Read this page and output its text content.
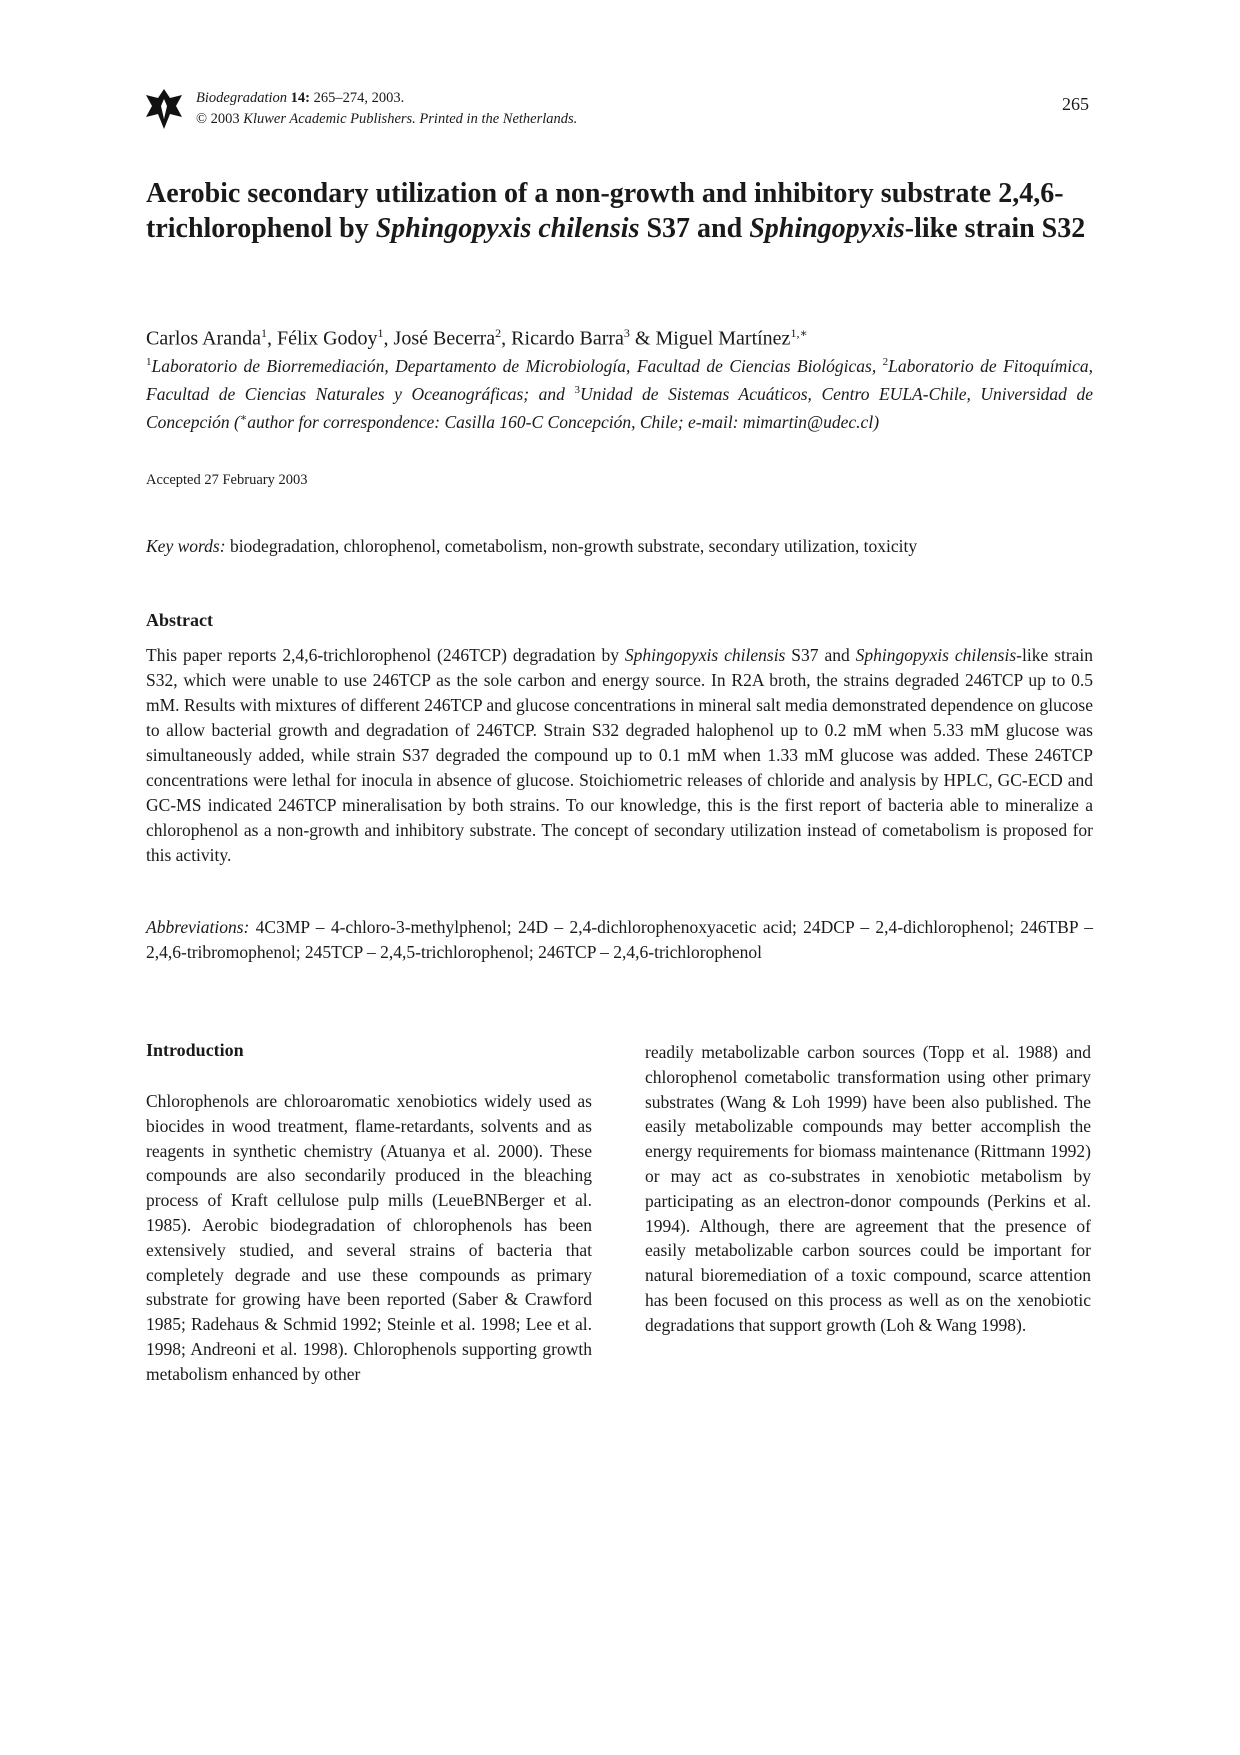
Biodegradation 14: 265–274, 2003.
© 2003 Kluwer Academic Publishers. Printed in the Netherlands.
265
Aerobic secondary utilization of a non-growth and inhibitory substrate 2,4,6-trichlorophenol by Sphingopyxis chilensis S37 and Sphingopyxis-like strain S32
Carlos Aranda$^1$, Félix Godoy$^1$, José Becerra$^2$, Ricardo Barra$^3$ & Miguel Martínez$^{1,∗}$
$^1$Laboratorio de Biorremediación, Departamento de Microbiología, Facultad de Ciencias Biológicas, $^2$Laboratorio de Fitoquímica, Facultad de Ciencias Naturales y Oceanográficas; and $^3$Unidad de Sistemas Acuáticos, Centro EULA-Chile, Universidad de Concepción (∗author for correspondence: Casilla 160-C Concepción, Chile; e-mail: mimartin@udec.cl)
Accepted 27 February 2003
Key words: biodegradation, chlorophenol, cometabolism, non-growth substrate, secondary utilization, toxicity
Abstract

This paper reports 2,4,6-trichlorophenol (246TCP) degradation by Sphingopyxis chilensis S37 and Sphingopyxis chilensis-like strain S32, which were unable to use 246TCP as the sole carbon and energy source. In R2A broth, the strains degraded 246TCP up to 0.5 mM. Results with mixtures of different 246TCP and glucose concentrations in mineral salt media demonstrated dependence on glucose to allow bacterial growth and degradation of 246TCP. Strain S32 degraded halophenol up to 0.2 mM when 5.33 mM glucose was simultaneously added, while strain S37 degraded the compound up to 0.1 mM when 1.33 mM glucose was added. These 246TCP concentrations were lethal for inocula in absence of glucose. Stoichiometric releases of chloride and analysis by HPLC, GC-ECD and GC-MS indicated 246TCP mineralisation by both strains. To our knowledge, this is the first report of bacteria able to mineralize a chlorophenol as a non-growth and inhibitory substrate. The concept of secondary utilization instead of cometabolism is proposed for this activity.

Abbreviations: 4C3MP – 4-chloro-3-methylphenol; 24D – 2,4-dichlorophenoxyacetic acid; 24DCP – 2,4-dichlorophenol; 246TBP – 2,4,6-tribromophenol; 245TCP – 2,4,5-trichlorophenol; 246TCP – 2,4,6-trichlorophenol

Introduction

Chlorophenols are chloroaromatic xenobiotics widely used as biocides in wood treatment, flame-retardants, solvents and as reagents in synthetic chemistry (Atuanya et al. 2000). These compounds are also secondarily produced in the bleaching process of Kraft cellulose pulp mills (LeueBNBerger et al. 1985). Aerobic biodegradation of chlorophenols has been extensively studied, and several strains of bacteria that completely degrade and use these compounds as primary substrate for growing have been reported (Saber & Crawford 1985; Radehaus & Schmid 1992; Steinle et al. 1998; Lee et al. 1998; Andreoni et al. 1998). Chlorophenols supporting growth metabolism enhanced by other

readily metabolizable carbon sources (Topp et al. 1988) and chlorophenol cometabolic transformation using other primary substrates (Wang & Loh 1999) have been also published. The easily metabolizable compounds may better accomplish the energy requirements for biomass maintenance (Rittmann 1992) or may act as co-substrates in xenobiotic metabolism by participating as an electron-donor compounds (Perkins et al. 1994). Although, there are agreement that the presence of easily metabolizable carbon sources could be important for natural bioremediation of a toxic compound, scarce attention has been focused on this process as well as on the xenobiotic degradations that support growth (Loh & Wang 1998).
